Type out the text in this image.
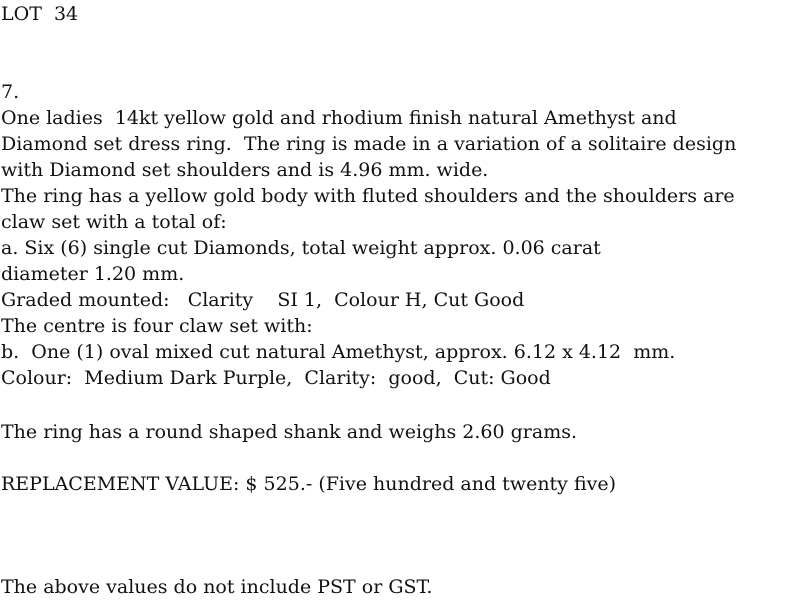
LOT  34

7.

One ladies  14kt yellow gold and rhodium finish natural Amethyst and

Diamond set dress ring.  The ring is made in a variation of a solitaire design

with Diamond set shoulders and is 4.96 mm. wide.

The ring has a yellow gold body with fluted shoulders and the shoulders are

claw set with a total of:

a. Six (6) single cut Diamonds, total weight approx. 0.06 carat

diameter 1.20 mm.

Graded mounted:   Clarity    SI 1,  Colour H, Cut Good

The centre is four claw set with:

b.  One (1) oval mixed cut natural Amethyst, approx. 6.12 x 4.12  mm.

Colour:  Medium Dark Purple,  Clarity:  good,  Cut: Good

The ring has a round shaped shank and weighs 2.60 grams.

REPLACEMENT VALUE: $ 525.- (Five hundred and twenty five)

The above values do not include PST or GST.
